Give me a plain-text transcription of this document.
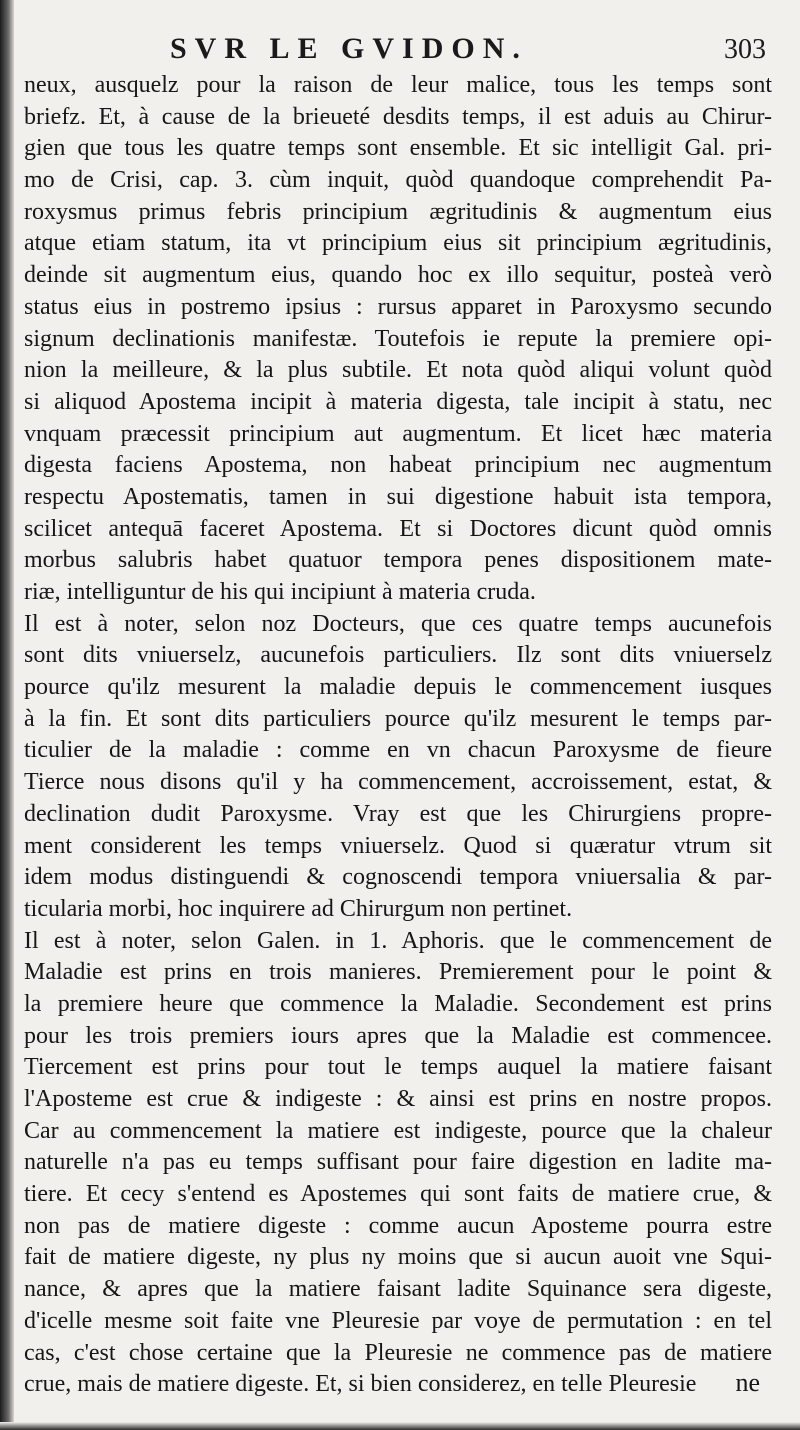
SVR LE GVIDON.	303
neux, ausquelz pour la raison de leur malice, tous les temps sont
briefz. Et, à cause de la brieueté desdits temps, il est aduis au Chirur-
gien que tous les quatre temps sont ensemble. Et sic intelligit Gal. pri-
mo de Crisi, cap. 3. cùm inquit, quòd quandoque comprehendit Pa-
roxysmus primus febris principium ægritudinis & augmentum eius
atque etiam statum, ita vt principium eius sit principium ægritudinis,
deinde sit augmentum eius, quando hoc ex illo sequitur, posteà verò
status eius in postremo ipsius : rursus apparet in Paroxysmo secundo
signum declinationis manifestæ. Toutefois ie repute la premiere opi-
nion la meilleure, & la plus subtile. Et nota quòd aliqui volunt quòd
si aliquod Apostema incipit à materia digesta, tale incipit à statu, nec
vnquam præcessit principium aut augmentum. Et licet hæc materia
digesta faciens Apostema, non habeat principium nec augmentum
respectu Apostematis, tamen in sui digestione habuit ista tempora,
scilicet antequā faceret Apostema. Et si Doctores dicunt quòd omnis
morbus salubris habet quatuor tempora penes dispositionem mate-
riæ, intelliguntur de his qui incipiunt à materia cruda.
Il est à noter, selon noz Docteurs, que ces quatre temps aucunefois
sont dits vniuerselz, aucunefois particuliers. Ilz sont dits vniuerselz
pource qu'ilz mesurent la maladie depuis le commencement iusques
à la fin. Et sont dits particuliers pource qu'ilz mesurent le temps par-
ticulier de la maladie : comme en vn chacun Paroxysme de fieure
Tierce nous disons qu'il y ha commencement, accroissement, estat, &
declination dudit Paroxysme. Vray est que les Chirurgiens propre-
ment considerent les temps vniuerselz. Quod si quæratur vtrum sit
idem modus distinguendi & cognoscendi tempora vniuersalia & par-
ticularia morbi, hoc inquirere ad Chirurgum non pertinet.
Il est à noter, selon Galen. in 1. Aphoris. que le commencement de
Maladie est prins en trois manieres. Premierement pour le point &
la premiere heure que commence la Maladie. Secondement est prins
pour les trois premiers iours apres que la Maladie est commencee.
Tiercement est prins pour tout le temps auquel la matiere faisant
l'Aposteme est crue & indigeste : & ainsi est prins en nostre propos.
Car au commencement la matiere est indigeste, pource que la chaleur
naturelle n'a pas eu temps suffisant pour faire digestion en ladite ma-
tiere. Et cecy s'entend es Apostemes qui sont faits de matiere crue, &
non pas de matiere digeste : comme aucun Aposteme pourra estre
fait de matiere digeste, ny plus ny moins que si aucun auoit vne Squi-
nance, & apres que la matiere faisant ladite Squinance sera digeste,
d'icelle mesme soit faite vne Pleuresie par voye de permutation : en tel
cas, c'est chose certaine que la Pleuresie ne commence pas de matiere
crue, mais de matiere digeste. Et, si bien considerez, en telle Pleuresie	ne
